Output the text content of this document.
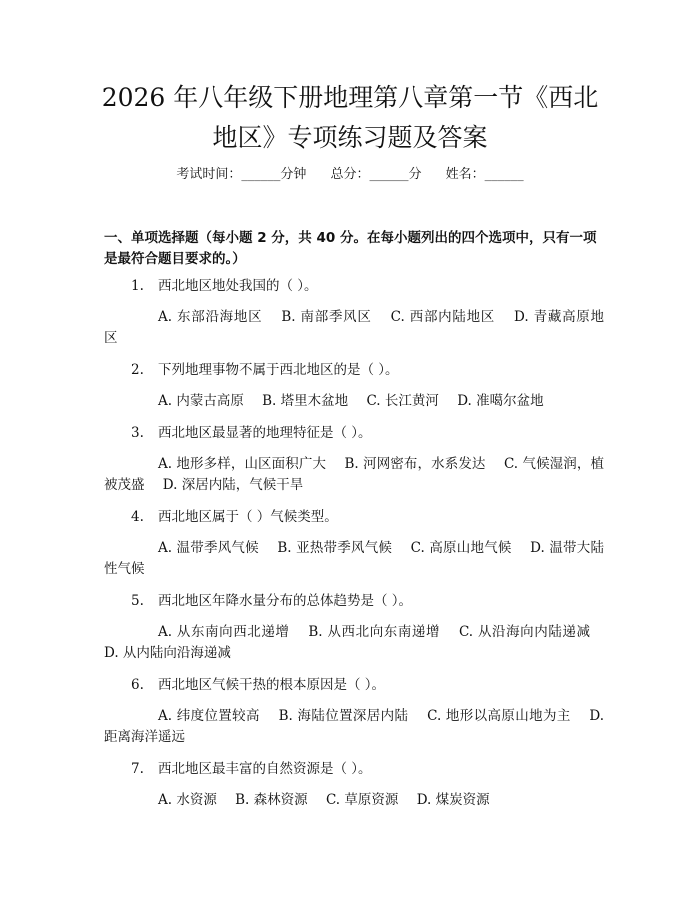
2026 年八年级下册地理第八章第一节《西北
地区》专项练习题及答案
考试时间：______分钟 总分：______分 姓名：______
一、单项选择题（每小题 2 分，共 40 分。在每小题列出的四个选项中，只有一项是最符合题目要求的。）
1. 西北地区地处我国的（ ）。
A. 东部沿海地区 B. 南部季风区 C. 西部内陆地区 D. 青藏高原地区
2. 下列地理事物不属于西北地区的是（ ）。
A. 内蒙古高原 B. 塔里木盆地 C. 长江黄河 D. 准噶尔盆地
3. 西北地区最显著的地理特征是（ ）。
A. 地形多样，山区面积广大 B. 河网密布，水系发达 C. 气候湿润，植被茂盛 D. 深居内陆，气候干旱
4. 西北地区属于（ ）气候类型。
A. 温带季风气候 B. 亚热带季风气候 C. 高原山地气候 D. 温带大陆性气候
5. 西北地区年降水量分布的总体趋势是（ ）。
A. 从东南向西北递增 B. 从西北向东南递增 C. 从沿海向内陆递减 D. 从内陆向沿海递减
6. 西北地区气候干热的根本原因是（ ）。
A. 纬度位置较高 B. 海陆位置深居内陆 C. 地形以高原山地为主 D. 距离海洋遥远
7. 西北地区最丰富的自然资源是（ ）。
A. 水资源 B. 森林资源 C. 草原资源 D. 煤炭资源
